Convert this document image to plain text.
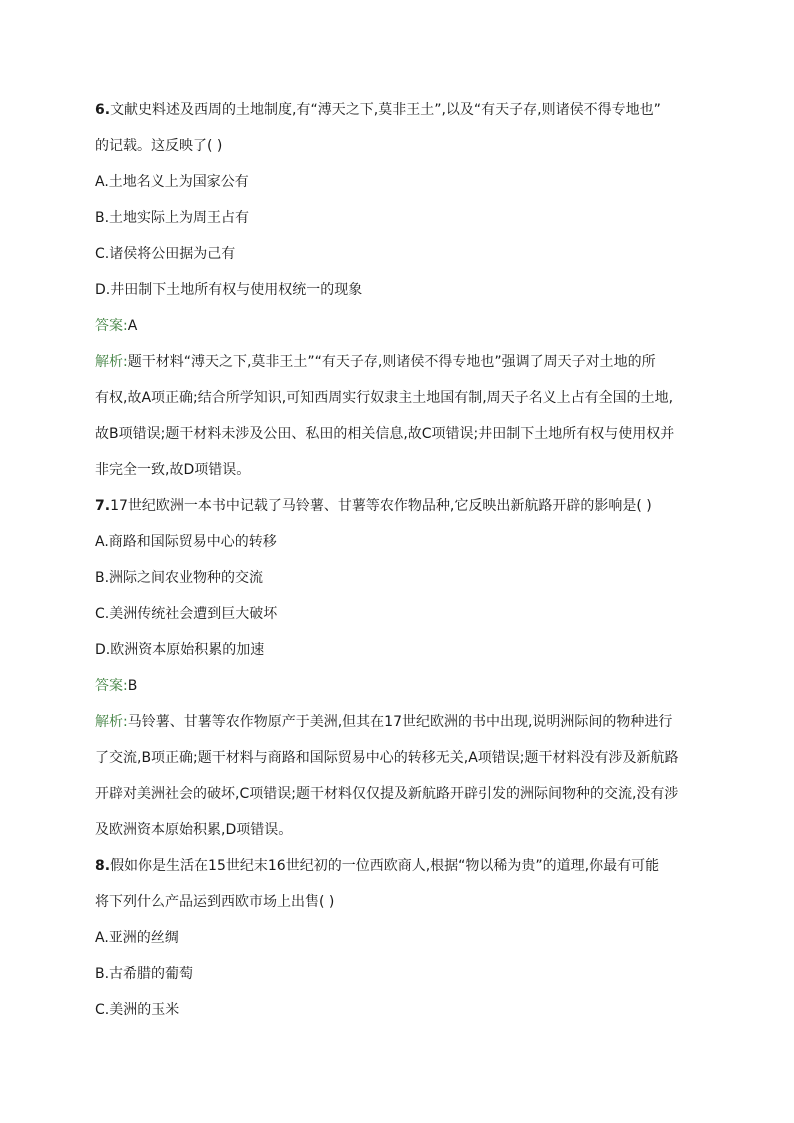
6.文献史料述及西周的土地制度,有“溥天之下,莫非王土”,以及“有天子存,则诸侯不得专地也”

的记载。这反映了( )

A.土地名义上为国家公有

B.土地实际上为周王占有

C.诸侯将公田据为己有

D.井田制下土地所有权与使用权统一的现象

答案:A

解析:题干材料“溥天之下,莫非王土”“有天子存,则诸侯不得专地也”强调了周天子对土地的所

有权,故A项正确;结合所学知识,可知西周实行奴隶主土地国有制,周天子名义上占有全国的土地,

故B项错误;题干材料未涉及公田、私田的相关信息,故C项错误;井田制下土地所有权与使用权并

非完全一致,故D项错误。

7.17世纪欧洲一本书中记载了马铃薯、甘薯等农作物品种,它反映出新航路开辟的影响是( )

A.商路和国际贸易中心的转移

B.洲际之间农业物种的交流

C.美洲传统社会遭到巨大破坏

D.欧洲资本原始积累的加速

答案:B

解析:马铃薯、甘薯等农作物原产于美洲,但其在17世纪欧洲的书中出现,说明洲际间的物种进行

了交流,B项正确;题干材料与商路和国际贸易中心的转移无关,A项错误;题干材料没有涉及新航路

开辟对美洲社会的破坏,C项错误;题干材料仅仅提及新航路开辟引发的洲际间物种的交流,没有涉

及欧洲资本原始积累,D项错误。

8.假如你是生活在15世纪末16世纪初的一位西欧商人,根据“物以稀为贵”的道理,你最有可能

将下列什么产品运到西欧市场上出售( )

A.亚洲的丝绸

B.古希腊的葡萄

C.美洲的玉米
